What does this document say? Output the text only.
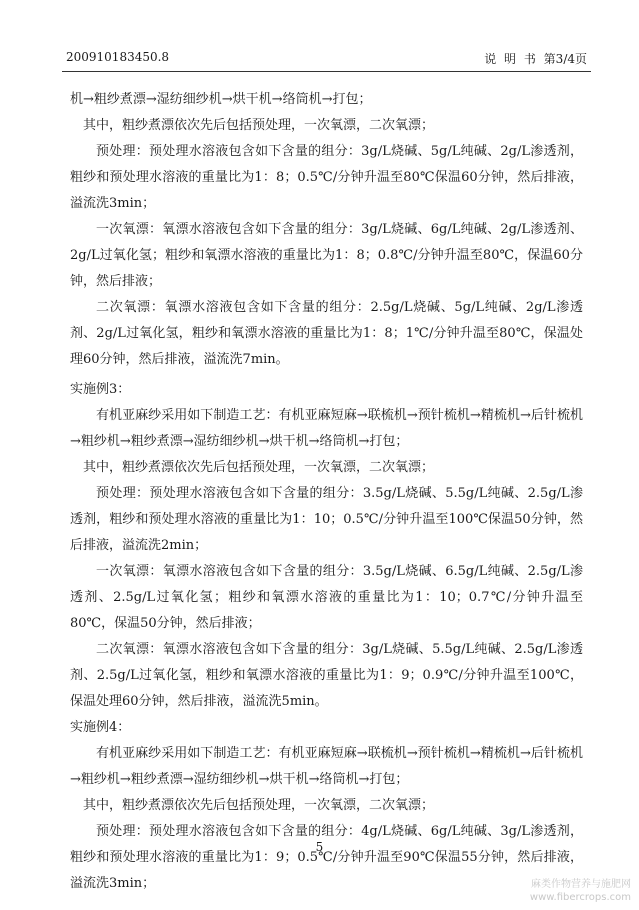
200910183450.8	说 明 书 第3/4页

机→粗纱煮漂→湿纺细纱机→烘干机→络筒机→打包；

其中，粗纱煮漂依次先后包括预处理，一次氧漂，二次氧漂；

预处理：预处理水溶液包含如下含量的组分：3g/L烧碱、5g/L纯碱、2g/L渗透剂，粗纱和预处理水溶液的重量比为1：8；0.5℃/分钟升温至80℃保温60分钟，然后排液，溢流洗3min；

一次氧漂：氧漂水溶液包含如下含量的组分：3g/L烧碱、6g/L纯碱、2g/L渗透剂、2g/L过氧化氢；粗纱和氧漂水溶液的重量比为1：8；0.8℃/分钟升温至80℃，保温60分钟，然后排液；

二次氧漂：氧漂水溶液包含如下含量的组分：2.5g/L烧碱、5g/L纯碱、2g/L渗透剂、2g/L过氧化氢，粗纱和氧漂水溶液的重量比为1：8；1℃/分钟升温至80℃，保温处理60分钟，然后排液，溢流洗7min。

实施例3：

有机亚麻纱采用如下制造工艺：有机亚麻短麻→联梳机→预针梳机→精梳机→后针梳机→粗纱机→粗纱煮漂→湿纺细纱机→烘干机→络筒机→打包；

其中，粗纱煮漂依次先后包括预处理，一次氧漂，二次氧漂；

预处理：预处理水溶液包含如下含量的组分：3.5g/L烧碱、5.5g/L纯碱、2.5g/L渗透剂，粗纱和预处理水溶液的重量比为1：10；0.5℃/分钟升温至100℃保温50分钟，然后排液，溢流洗2min；

一次氧漂：氧漂水溶液包含如下含量的组分：3.5g/L烧碱、6.5g/L纯碱、2.5g/L渗透剂、2.5g/L过氧化氢；粗纱和氧漂水溶液的重量比为1：10；0.7℃/分钟升温至80℃，保温50分钟，然后排液；

二次氧漂：氧漂水溶液包含如下含量的组分：3g/L烧碱、5.5g/L纯碱、2.5g/L渗透剂、2.5g/L过氧化氢，粗纱和氧漂水溶液的重量比为1：9；0.9℃/分钟升温至100℃，保温处理60分钟，然后排液，溢流洗5min。

实施例4：

有机亚麻纱采用如下制造工艺：有机亚麻短麻→联梳机→预针梳机→精梳机→后针梳机→粗纱机→粗纱煮漂→湿纺细纱机→烘干机→络筒机→打包；

其中，粗纱煮漂依次先后包括预处理，一次氧漂，二次氧漂；

预处理：预处理水溶液包含如下含量的组分：4g/L烧碱、6g/L纯碱、3g/L渗透剂，粗纱和预处理水溶液的重量比为1：9；0.5℃/分钟升温至90℃保温55分钟，然后排液，溢流洗3min；

5
麻类作物营养与施肥网
www.fibercrops.com
